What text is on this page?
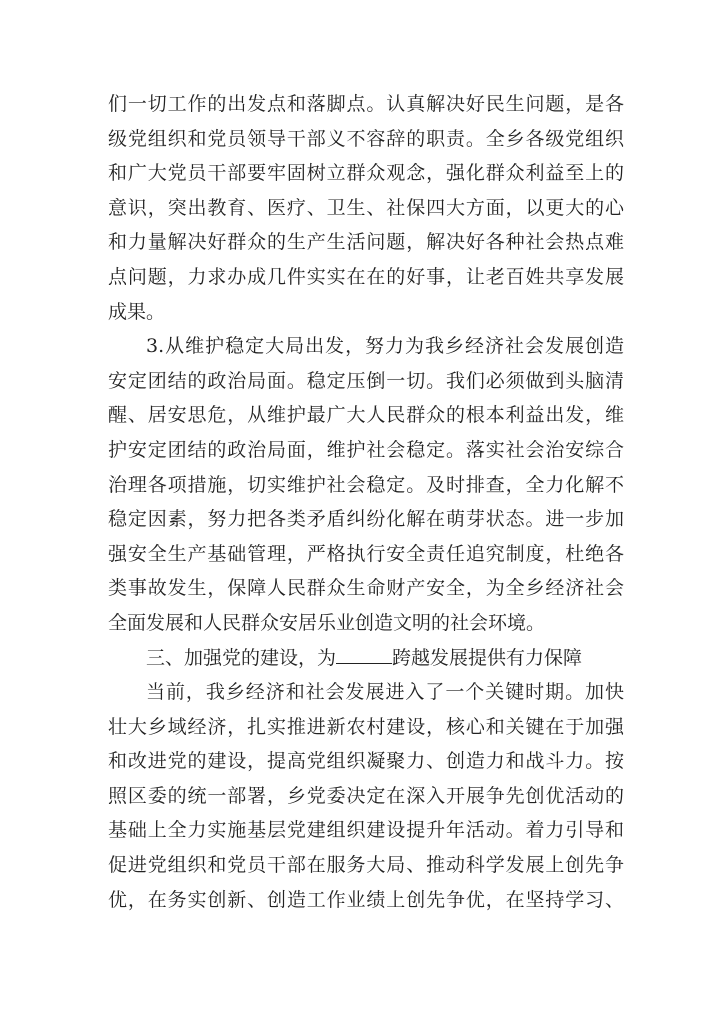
们一切工作的出发点和落脚点。认真解决好民生问题，是各
级党组织和党员领导干部义不容辞的职责。全乡各级党组织
和广大党员干部要牢固树立群众观念，强化群众利益至上的
意识，突出教育、医疗、卫生、社保四大方面，以更大的心
和力量解决好群众的生产生活问题，解决好各种社会热点难
点问题，力求办成几件实实在在的好事，让老百姓共享发展
成果。
3.从维护稳定大局出发，努力为我乡经济社会发展创造
安定团结的政治局面。稳定压倒一切。我们必须做到头脑清
醒、居安思危，从维护最广大人民群众的根本利益出发，维
护安定团结的政治局面，维护社会稳定。落实社会治安综合
治理各项措施，切实维护社会稳定。及时排查，全力化解不
稳定因素，努力把各类矛盾纠纷化解在萌芽状态。进一步加
强安全生产基础管理，严格执行安全责任追究制度，杜绝各
类事故发生，保障人民群众生命财产安全，为全乡经济社会
全面发展和人民群众安居乐业创造文明的社会环境。
三、加强党的建设，为	跨越发展提供有力保障
当前，我乡经济和社会发展进入了一个关键时期。加快
壮大乡域经济，扎实推进新农村建设，核心和关键在于加强
和改进党的建设，提高党组织凝聚力、创造力和战斗力。按
照区委的统一部署，乡党委决定在深入开展争先创优活动的
基础上全力实施基层党建组织建设提升年活动。着力引导和
促进党组织和党员干部在服务大局、推动科学发展上创先争
优，在务实创新、创造工作业绩上创先争优，在坚持学习、
